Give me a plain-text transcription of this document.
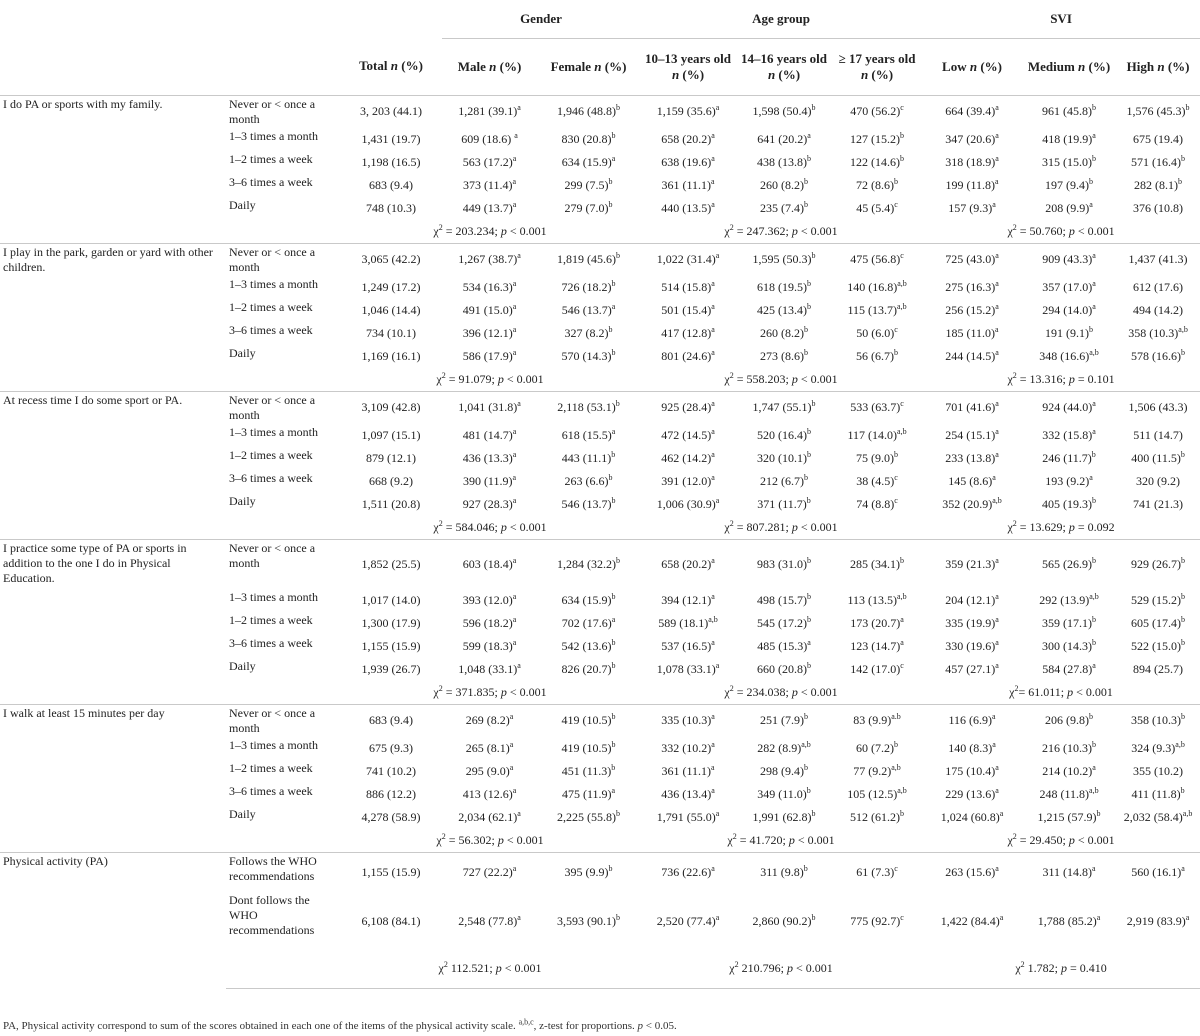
			Gender		Age group			SVI		
		Total n (%)	Male n (%)	Female n (%)	10–13 years old n (%)	14–16 years old n (%)	≥ 17 years old n (%)	Low n (%)	Medium n (%)	High n (%)
I do PA or sports with my family.	Never or < once a month	3, 203 (44.1)	1,281 $(39.1)^a$	1,946 $(48.8)^b$	1,159 $(35.6)^a$	1,598 $(50.4)^b$	470 $(56.2)^c$	664 $(39.4)^a$	961 $(45.8)^b$	1,576 $(45.3)^b$
	1–3 times a month	1,431 (19.7)	609 (18.6) $^a$	830 $(20.8)^b$	658 $(20.2)^a$	641 $(20.2)^a$	127 $(15.2)^b$	347 $(20.6)^a$	418 $(19.9)^a$	675 (19.4)
	1–2 times a week	1,198 (16.5)	563 $(17.2)^a$	634 $(15.9)^a$	638 $(19.6)^a$	438 $(13.8)^b$	122 $(14.6)^b$	318 $(18.9)^a$	315 $(15.0)^b$	571 $(16.4)^b$
	3–6 times a week	683 (9.4)	373 $(11.4)^a$	299 $(7.5)^b$	361 $(11.1)^a$	260 $(8.2)^b$	72 $(8.6)^b$	199 $(11.8)^a$	197 $(9.4)^b$	282 $(8.1)^b$
	Daily	748 (10.3)	449 $(13.7)^a$	279 $(7.0)^b$	440 $(13.5)^a$	235 $(7.4)^b$	45 $(5.4)^c$	157 $(9.3)^a$	208 $(9.9)^a$	376 (10.8)
		$\chi^2 = 203.234$; p < 0.001			$\chi^2 = 247.362$; p < 0.001			$\chi^2 = 50.760$; p < 0.001		
I play in the park, garden or yard with other children.	Never or < once a month	3,065 (42.2)	1,267 $(38.7)^a$	1,819 $(45.6)^b$	1,022 $(31.4)^a$	1,595 $(50.3)^b$	475 $(56.8)^c$	725 $(43.0)^a$	909 $(43.3)^a$	1,437 (41.3)
	1–3 times a month	1,249 (17.2)	534 $(16.3)^a$	726 $(18.2)^b$	514 $(15.8)^a$	618 $(19.5)^b$	140 $(16.8)^{a,b}$	275 $(16.3)^a$	357 $(17.0)^a$	612 (17.6)
	1–2 times a week	1,046 (14.4)	491 $(15.0)^a$	546 $(13.7)^a$	501 $(15.4)^a$	425 $(13.4)^b$	115 $(13.7)^{a,b}$	256 $(15.2)^a$	294 $(14.0)^a$	494 (14.2)
	3–6 times a week	734 (10.1)	396 $(12.1)^a$	327 $(8.2)^b$	417 $(12.8)^a$	260 $(8.2)^b$	50 $(6.0)^c$	185 $(11.0)^a$	191 $(9.1)^b$	358 $(10.3)^{a,b}$
	Daily	1,169 (16.1)	586 $(17.9)^a$	570 $(14.3)^b$	801 $(24.6)^a$	273 $(8.6)^b$	56 $(6.7)^b$	244 $(14.5)^a$	348 $(16.6)^{a,b}$	578 $(16.6)^b$
		$\chi^2 = 91.079$; p < 0.001			$\chi^2 = 558.203$; p < 0.001			$\chi^2 = 13.316$; p = 0.101		
At recess time I do some sport or PA.	Never or < once a month	3,109 (42.8)	1,041 $(31.8)^a$	2,118 $(53.1)^b$	925 $(28.4)^a$	1,747 $(55.1)^b$	533 $(63.7)^c$	701 $(41.6)^a$	924 $(44.0)^a$	1,506 (43.3)
	1–3 times a month	1,097 (15.1)	481 $(14.7)^a$	618 $(15.5)^a$	472 $(14.5)^a$	520 $(16.4)^b$	117 $(14.0)^{a,b}$	254 $(15.1)^a$	332 $(15.8)^a$	511 (14.7)
	1–2 times a week	879 (12.1)	436 $(13.3)^a$	443 $(11.1)^b$	462 $(14.2)^a$	320 $(10.1)^b$	75 $(9.0)^b$	233 $(13.8)^a$	246 $(11.7)^b$	400 $(11.5)^b$
	3–6 times a week	668 (9.2)	390 $(11.9)^a$	263 $(6.6)^b$	391 $(12.0)^a$	212 $(6.7)^b$	38 $(4.5)^c$	145 $(8.6)^a$	193 $(9.2)^a$	320 (9.2)
	Daily	1,511 (20.8)	927 $(28.3)^a$	546 $(13.7)^b$	1,006 $(30.9)^a$	371 $(11.7)^b$	74 $(8.8)^c$	352 $(20.9)^{a,b}$	405 $(19.3)^b$	741 (21.3)
		$\chi^2 = 584.046$; p < 0.001			$\chi^2 = 807.281$; p < 0.001			$\chi^2 = 13.629$; p = 0.092		
I practice some type of PA or sports in addition to the one I do in Physical Education.	Never or < once a month	1,852 (25.5)	603 $(18.4)^a$	1,284 $(32.2)^b$	658 $(20.2)^a$	983 $(31.0)^b$	285 $(34.1)^b$	359 $(21.3)^a$	565 $(26.9)^b$	929 $(26.7)^b$
	1–3 times a month	1,017 (14.0)	393 $(12.0)^a$	634 $(15.9)^b$	394 $(12.1)^a$	498 $(15.7)^b$	113 $(13.5)^{a,b}$	204 $(12.1)^a$	292 $(13.9)^{a,b}$	529 $(15.2)^b$
	1–2 times a week	1,300 (17.9)	596 $(18.2)^a$	702 $(17.6)^a$	589 $(18.1)^{a,b}$	545 $(17.2)^b$	173 $(20.7)^a$	335 $(19.9)^a$	359 $(17.1)^b$	605 $(17.4)^b$
	3–6 times a week	1,155 (15.9)	599 $(18.3)^a$	542 $(13.6)^b$	537 $(16.5)^a$	485 $(15.3)^a$	123 $(14.7)^a$	330 $(19.6)^a$	300 $(14.3)^b$	522 $(15.0)^b$
	Daily	1,939 (26.7)	1,048 $(33.1)^a$	826 $(20.7)^b$	1,078 $(33.1)^a$	660 $(20.8)^b$	142 $(17.0)^c$	457 $(27.1)^a$	584 $(27.8)^a$	894 (25.7)
		$\chi^2 = 371.835$; p < 0.001			$\chi^2 = 234.038$; p < 0.001			$\chi^2= 61.011$; p < 0.001		
I walk at least 15 minutes per day	Never or < once a month	683 (9.4)	269 $(8.2)^a$	419 $(10.5)^b$	335 $(10.3)^a$	251 $(7.9)^b$	83 $(9.9)^{a.b}$	116 $(6.9)^a$	206 $(9.8)^b$	358 $(10.3)^b$
	1–3 times a month	675 (9.3)	265 $(8.1)^a$	419 $(10.5)^b$	332 $(10.2)^a$	282 $(8.9)^{a,b}$	60 $(7.2)^b$	140 $(8.3)^a$	216 $(10.3)^b$	324 $(9.3)^{a,b}$
	1–2 times a week	741 (10.2)	295 $(9.0)^a$	451 $(11.3)^b$	361 $(11.1)^a$	298 $(9.4)^b$	77 $(9.2)^{a,b}$	175 $(10.4)^a$	214 $(10.2)^a$	355 (10.2)
	3–6 times a week	886 (12.2)	413 $(12.6)^a$	475 $(11.9)^a$	436 $(13.4)^a$	349 $(11.0)^b$	105 $(12.5)^{a,b}$	229 $(13.6)^a$	248 $(11.8)^{a,b}$	411 $(11.8)^b$
	Daily	4,278 (58.9)	2,034 $(62.1)^a$	2,225 $(55.8)^b$	1,791 $(55.0)^a$	1,991 $(62.8)^b$	512 $(61.2)^b$	1,024 $(60.8)^a$	1,215 $(57.9)^b$	2,032 $(58.4)^{a,b}$
		$\chi^2 = 56.302$; p < 0.001			$\chi^2 = 41.720$; p < 0.001			$\chi^2 = 29.450$; p < 0.001		
Physical activity (PA)	Follows the WHO recommendations	1,155 (15.9)	727 $(22.2)^a$	395 $(9.9)^b$	736 $(22.6)^a$	311 $(9.8)^b$	61 $(7.3)^c$	263 $(15.6)^a$	311 $(14.8)^a$	560 $(16.1)^a$
	Dont follows the WHO recommendations	6,108 (84.1)	2,548 $(77.8)^a$	3,593 $(90.1)^b$	2,520 $(77.4)^a$	2,860 $(90.2)^b$	775 $(92.7)^c$	1,422 $(84.4)^a$	1,788 $(85.2)^a$	2,919 $(83.9)^a$
		$\chi^2$ 112.521; p < 0.001			$\chi^2$ 210.796; p < 0.001			$\chi^2$ 1.782; p = 0.410		
PA, Physical activity correspond to sum of the scores obtained in each one of the items of the physical activity scale. $^{a,b,c}$, z-test for proportions. p < 0.05.
